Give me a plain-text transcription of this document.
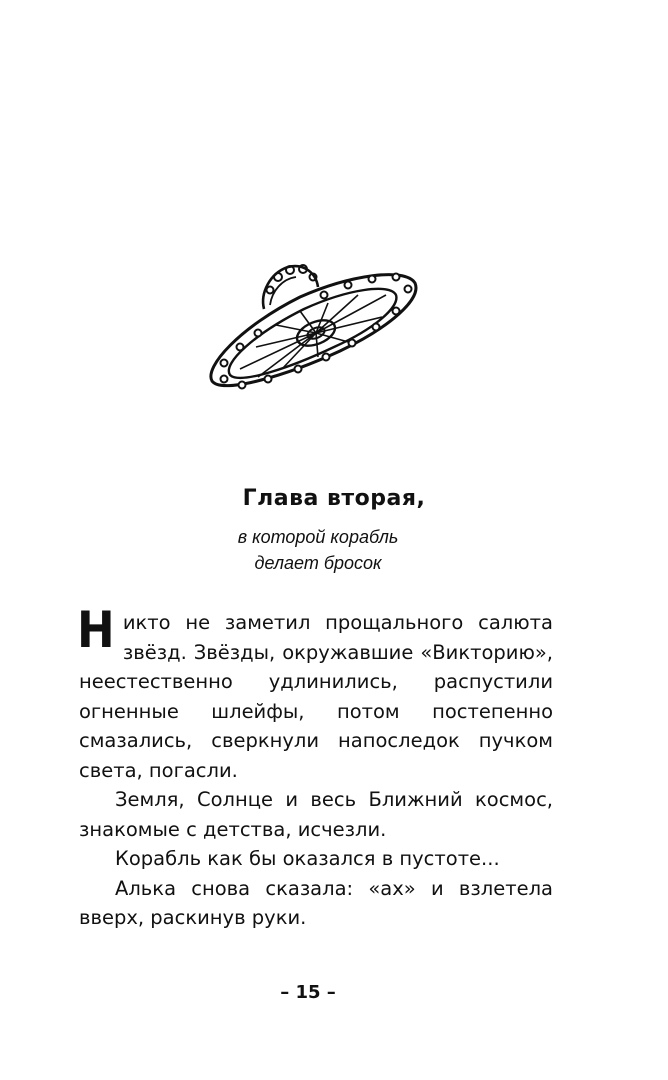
Глава вторая,
в которой корабль
делает бросок

Никто не заметил прощального салюта звёзд. Звёзды, окружавшие «Викторию», неестественно удлинились, распустили огненные шлейфы, потом постепенно смазались, сверкнули напоследок пучком света, погасли.

Земля, Солнце и весь Ближний космос, знакомые с детства, исчезли.

Корабль как бы оказался в пустоте...

Алька снова сказала: «ах» и взлетела вверх, раскинув руки.

– 15 –
